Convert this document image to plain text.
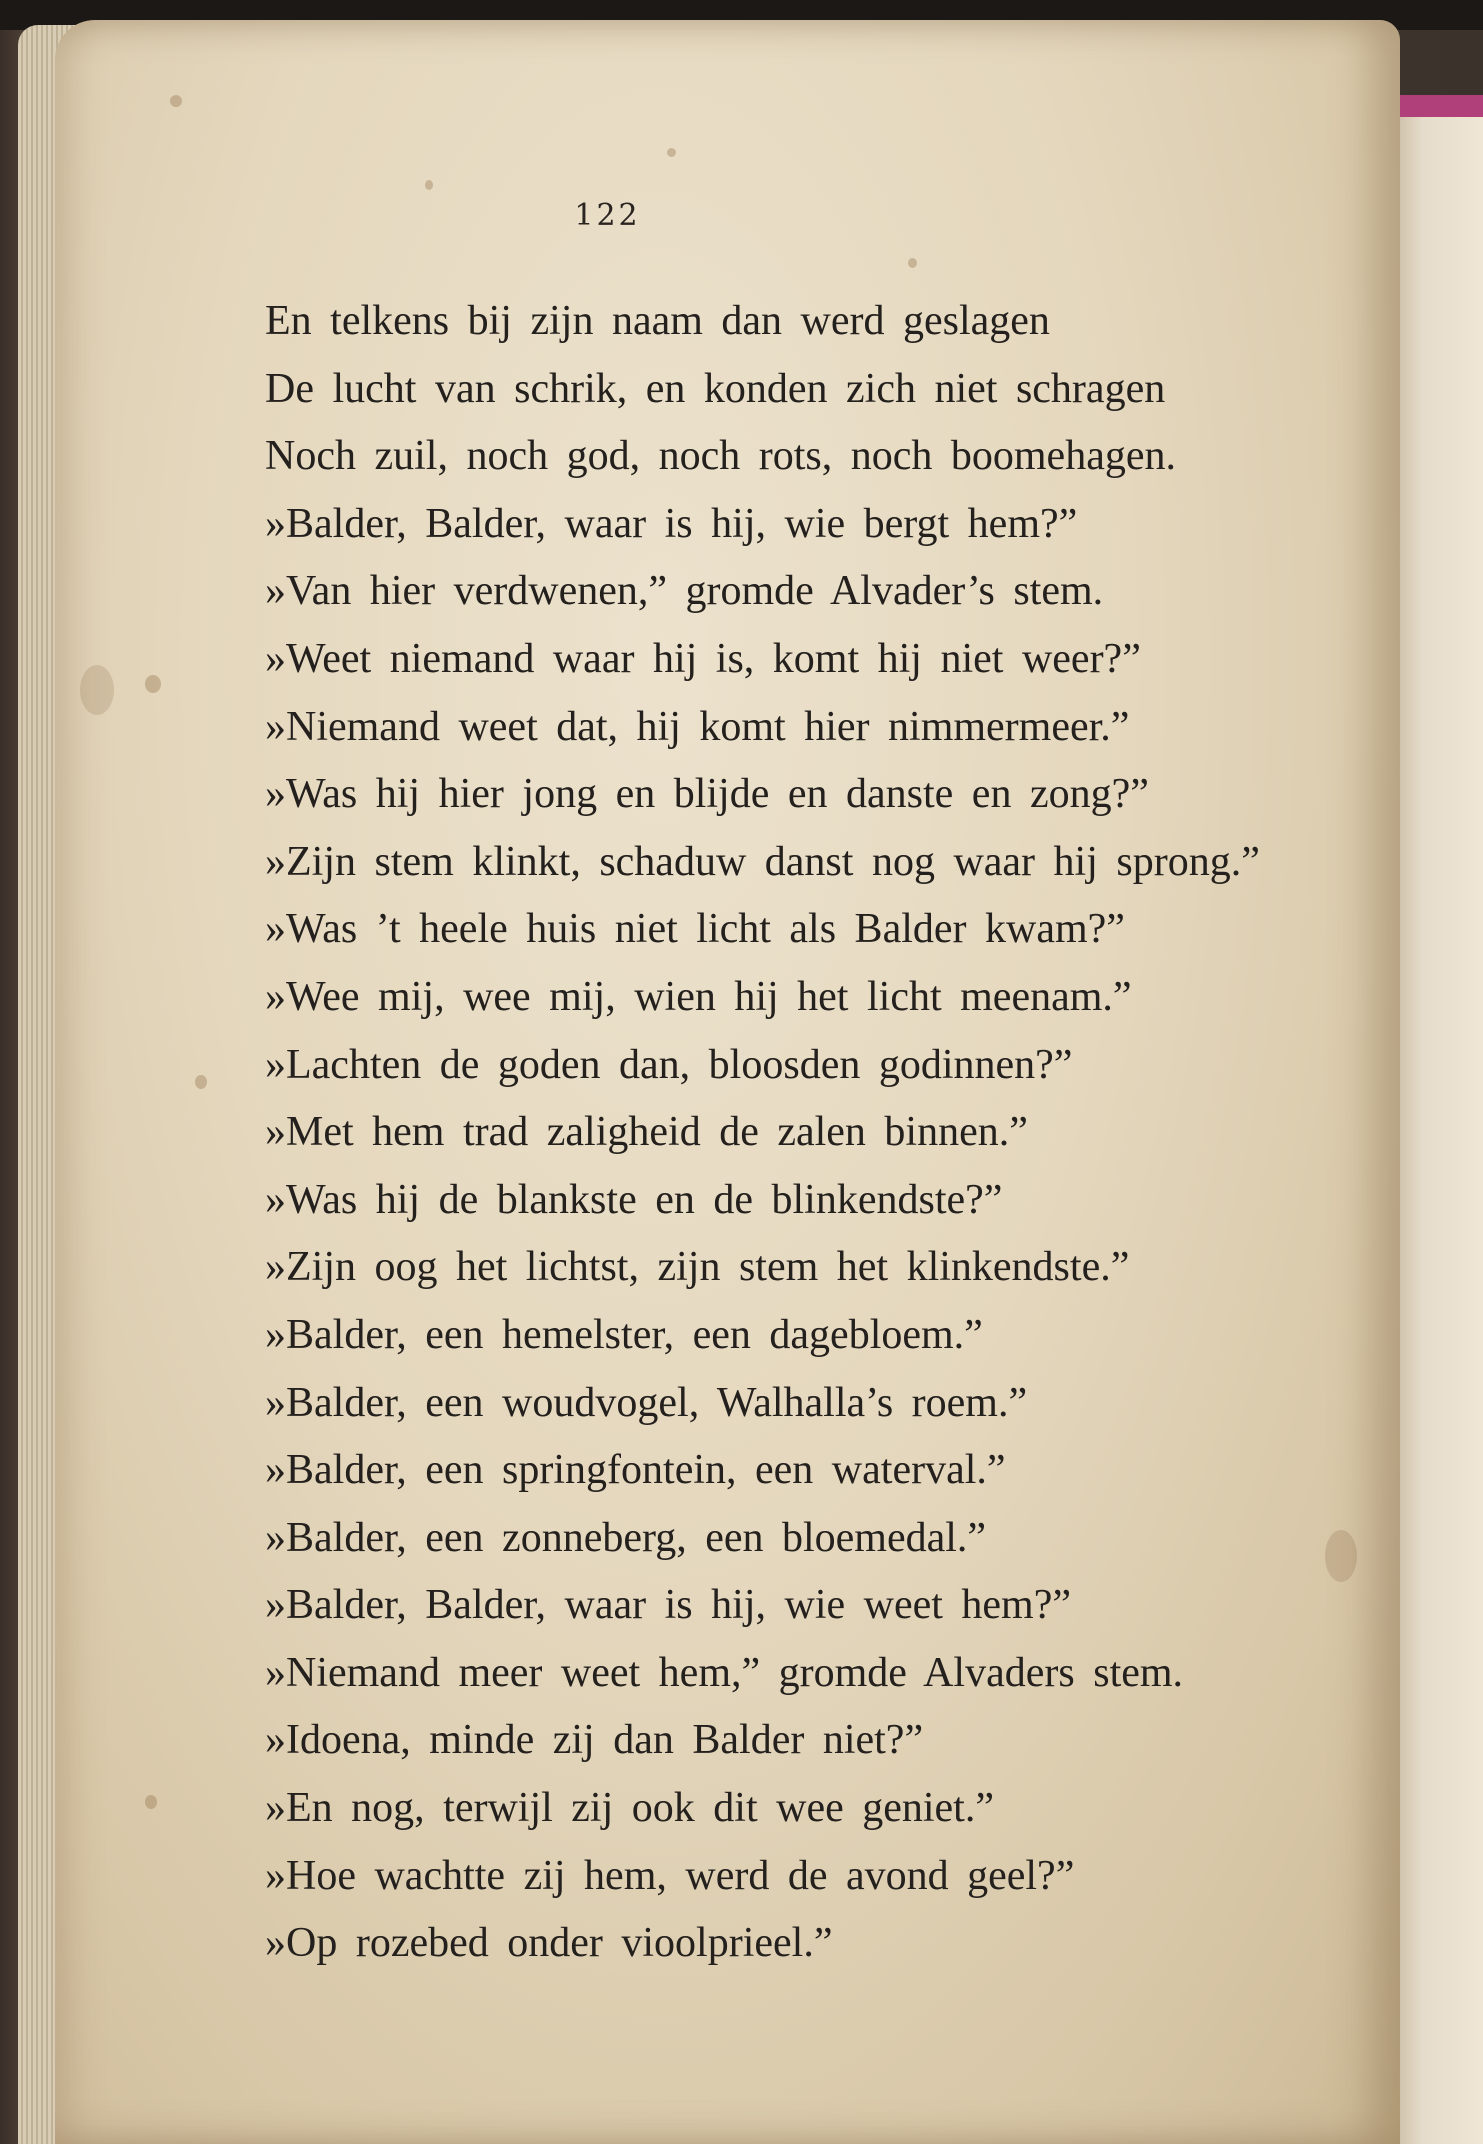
122
En telkens bij zijn naam dan werd geslagen
De lucht van schrik, en konden zich niet schragen
Noch zuil, noch god, noch rots, noch boomehagen.
»Balder, Balder, waar is hij, wie bergt hem?”
»Van hier verdwenen,” gromde Alvader’s stem.
»Weet niemand waar hij is, komt hij niet weer?”
»Niemand weet dat, hij komt hier nimmermeer.”
»Was hij hier jong en blijde en danste en zong?”
»Zijn stem klinkt, schaduw danst nog waar hij sprong.”
»Was ’t heele huis niet licht als Balder kwam?”
»Wee mij, wee mij, wien hij het licht meenam.”
»Lachten de goden dan, bloosden godinnen?”
»Met hem trad zaligheid de zalen binnen.”
»Was hij de blankste en de blinkendste?”
»Zijn oog het lichtst, zijn stem het klinkendste.”
»Balder, een hemelster, een dagebloem.”
»Balder, een woudvogel, Walhalla’s roem.”
»Balder, een springfontein, een waterval.”
»Balder, een zonneberg, een bloemedal.”
»Balder, Balder, waar is hij, wie weet hem?”
»Niemand meer weet hem,” gromde Alvaders stem.
»Idoena, minde zij dan Balder niet?”
»En nog, terwijl zij ook dit wee geniet.”
»Hoe wachtte zij hem, werd de avond geel?”
»Op rozebed onder vioolprieel.”
